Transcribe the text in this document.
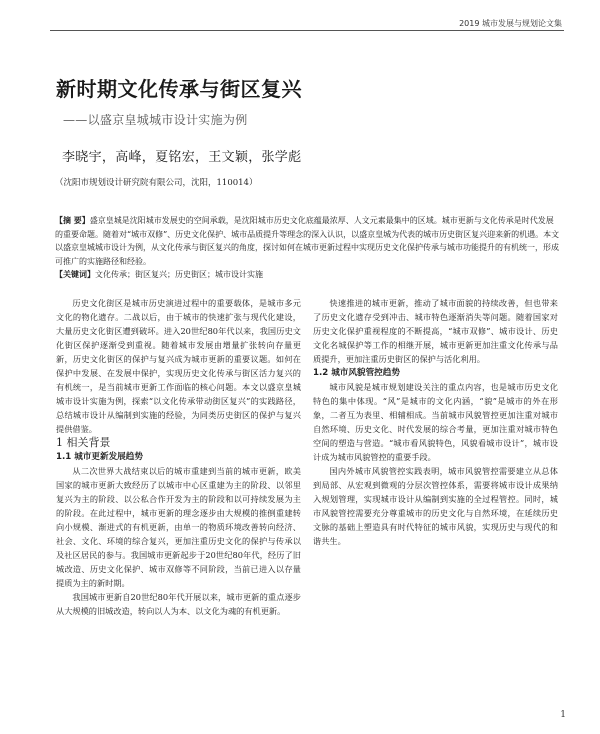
2019 城市发展与规划论文集
新时期文化传承与街区复兴
——以盛京皇城城市设计实施为例
李晓宇，高峰，夏铭宏，王文颖，张学彪
（沈阳市规划设计研究院有限公司，沈阳，110014）
【摘 要】盛京皇城是沈阳城市发展史的空间承载，是沈阳城市历史文化底蕴最浓厚、人文元素最集中的区域。城市更新与文化传承是时代发展的重要命题。随着对“城市双修”、历史文化保护、城市品质提升等理念的深入认识，以盛京皇城为代表的城市历史街区复兴迎来新的机遇。本文以盛京皇城城市设计为例，从文化传承与街区复兴的角度，探讨如何在城市更新过程中实现历史文化保护传承与城市功能提升的有机统一，形成可推广的实施路径和经验。
【关键词】文化传承；街区复兴；历史街区；城市设计实施

历史文化街区是城市历史演进过程中的重要载体，是城市多元文化的物化遗存。二战以后，由于城市的快速扩张与现代化建设，大量历史文化街区遭到破坏。进入20世纪80年代以来，我国历史文化街区保护逐渐受到重视。随着城市发展由增量扩张转向存量更新，历史文化街区的保护与复兴成为城市更新的重要议题。如何在保护中发展、在发展中保护，实现历史文化传承与街区活力复兴的有机统一，是当前城市更新工作面临的核心问题。本文以盛京皇城城市设计实施为例，探索“以文化传承带动街区复兴”的实践路径，总结城市设计从编制到实施的经验，为同类历史街区的保护与复兴提供借鉴。

1 相关背景

1.1 城市更新发展趋势

从二次世界大战结束以后的城市重建到当前的城市更新，欧美国家的城市更新大致经历了以城市中心区重建为主的阶段、以邻里复兴为主的阶段、以公私合作开发为主的阶段和以可持续发展为主的阶段。在此过程中，城市更新的理念逐步由大规模的推倒重建转向小规模、渐进式的有机更新，由单一的物质环境改善转向经济、社会、文化、环境的综合复兴，更加注重历史文化的保护与传承以及社区居民的参与。我国城市更新起步于20世纪80年代，经历了旧城改造、历史文化保护、城市双修等不同阶段，当前已进入以存量提质为主的新时期。

我国城市更新自20世纪80年代开展以来，城市更新的重点逐步从大规模的旧城改造，转向以人为本、以文化为魂的有机更新。

快速推进的城市更新，推动了城市面貌的持续改善，但也带来了历史文化遗存受到冲击、城市特色逐渐消失等问题。随着国家对历史文化保护重视程度的不断提高，“城市双修”、城市设计、历史文化名城保护等工作的相继开展，城市更新更加注重文化传承与品质提升，更加注重历史街区的保护与活化利用。

1.2 城市风貌管控趋势

城市风貌是城市规划建设关注的重点内容，也是城市历史文化特色的集中体现。“风”是城市的文化内涵，“貌”是城市的外在形象，二者互为表里、相辅相成。当前城市风貌管控更加注重对城市自然环境、历史文化、时代发展的综合考量，更加注重对城市特色空间的塑造与营造。“城市看风貌特色，风貌看城市设计”，城市设计成为城市风貌管控的重要手段。

国内外城市风貌管控实践表明，城市风貌管控需要建立从总体到局部、从宏观到微观的分层次管控体系，需要将城市设计成果纳入规划管理，实现城市设计从编制到实施的全过程管控。同时，城市风貌管控需要充分尊重城市的历史文化与自然环境，在延续历史文脉的基础上塑造具有时代特征的城市风貌，实现历史与现代的和谐共生。

1
